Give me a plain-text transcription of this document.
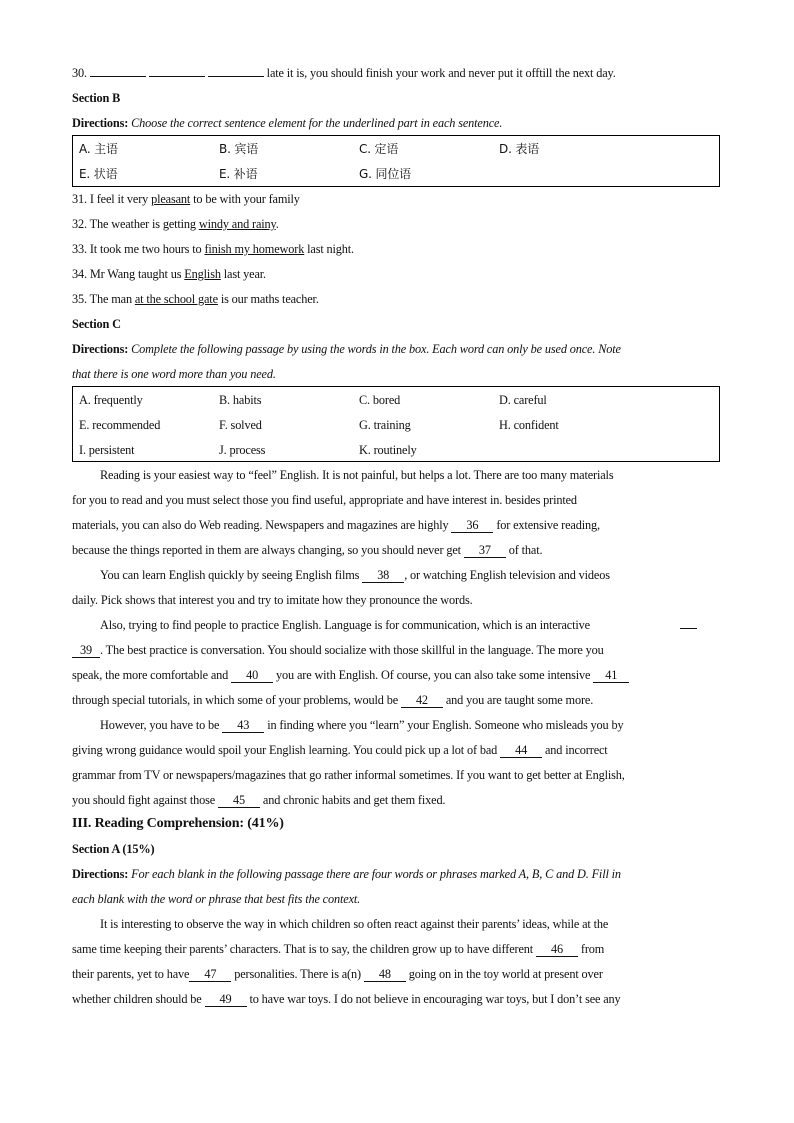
30.	late it is, you should finish your work and never put it offtill the next day.
Section B
Directions: Choose the correct sentence element for the underlined part in each sentence.
A. 主语	B. 宾语	C. 定语	D. 表语
E. 状语	E. 补语	G. 同位语
31. I feel it very pleasant to be with your family
32. The weather is getting windy and rainy.
33. It took me two hours to finish my homework last night.
34. Mr Wang taught us English last year.
35. The man at the school gate is our maths teacher.
Section C
Directions: Complete the following passage by using the words in the box. Each word can only be used once. Note
that there is one word more than you need.
A. frequently	B. habits	C. bored	D. careful
E. recommended	F. solved	G. training	H. confident
I. persistent	J. process	K. routinely
Reading is your easiest way to “feel” English. It is not painful, but helps a lot. There are too many materials
for you to read and you must select those you find useful, appropriate and have interest in. besides printed
materials, you can also do Web reading. Newspapers and magazines are highly 36 for extensive reading,
because the things reported in them are always changing, so you should never get 37 of that.
You can learn English quickly by seeing English films 38 , or watching English television and videos
daily. Pick shows that interest you and try to imitate how they pronounce the words.
Also, trying to find people to practice English. Language is for communication, which is an interactive
39 . The best practice is conversation. You should socialize with those skillful in the language. The more you
speak, the more comfortable and 40 you are with English. Of course, you can also take some intensive 41
through special tutorials, in which some of your problems, would be 42 and you are taught some more.
However, you have to be 43 in finding where you “learn” your English. Someone who misleads you by
giving wrong guidance would spoil your English learning. You could pick up a lot of bad 44 and incorrect
grammar from TV or newspapers/magazines that go rather informal sometimes. If you want to get better at English,
you should fight against those 45 and chronic habits and get them fixed.
III. Reading Comprehension: (41%)
Section A (15%)
Directions: For each blank in the following passage there are four words or phrases marked A, B, C and D. Fill in
each blank with the word or phrase that best fits the context.
It is interesting to observe the way in which children so often react against their parents’ ideas, while at the
same time keeping their parents’ characters. That is to say, the children grow up to have different 46 from
their parents, yet to have 47 personalities. There is a(n) 48 going on in the toy world at present over
whether children should be 49 to have war toys. I do not believe in encouraging war toys, but I don’t see any
